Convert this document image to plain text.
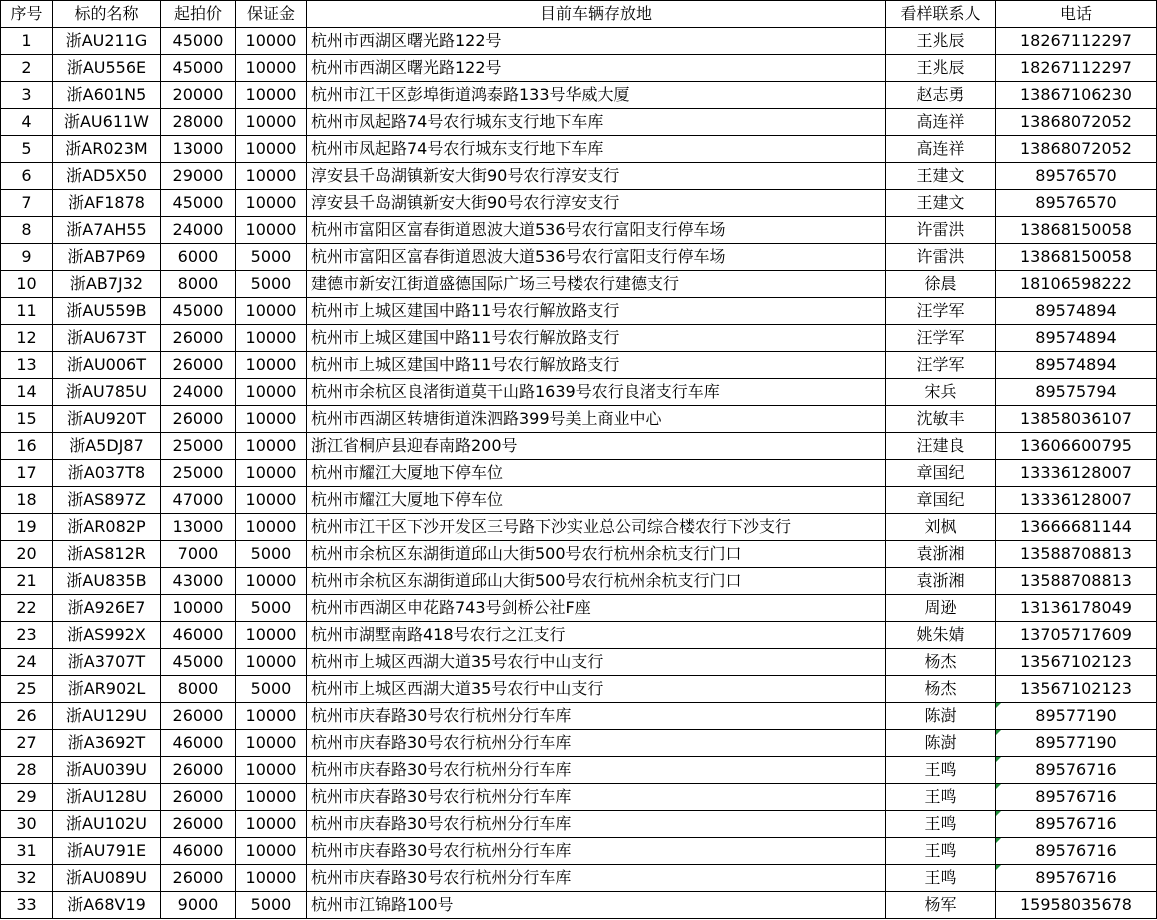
序号	标的名称	起拍价	保证金	目前车辆存放地	看样联系人	电话
1	浙AU211G	45000	10000	杭州市西湖区曙光路122号	王兆辰	18267112297
2	浙AU556E	45000	10000	杭州市西湖区曙光路122号	王兆辰	18267112297
3	浙A601N5	20000	10000	杭州市江干区彭埠街道鸿泰路133号华威大厦	赵志勇	13867106230
4	浙AU611W	28000	10000	杭州市凤起路74号农行城东支行地下车库	高连祥	13868072052
5	浙AR023M	13000	10000	杭州市凤起路74号农行城东支行地下车库	高连祥	13868072052
6	浙AD5X50	29000	10000	淳安县千岛湖镇新安大街90号农行淳安支行	王建文	89576570
7	浙AF1878	45000	10000	淳安县千岛湖镇新安大街90号农行淳安支行	王建文	89576570
8	浙A7AH55	24000	10000	杭州市富阳区富春街道恩波大道536号农行富阳支行停车场	许雷洪	13868150058
9	浙AB7P69	6000	5000	杭州市富阳区富春街道恩波大道536号农行富阳支行停车场	许雷洪	13868150058
10	浙AB7J32	8000	5000	建德市新安江街道盛德国际广场三号楼农行建德支行	徐晨	18106598222
11	浙AU559B	45000	10000	杭州市上城区建国中路11号农行解放路支行	汪学军	89574894
12	浙AU673T	26000	10000	杭州市上城区建国中路11号农行解放路支行	汪学军	89574894
13	浙AU006T	26000	10000	杭州市上城区建国中路11号农行解放路支行	汪学军	89574894
14	浙AU785U	24000	10000	杭州市余杭区良渚街道莫干山路1639号农行良渚支行车库	宋兵	89575794
15	浙AU920T	26000	10000	杭州市西湖区转塘街道洙泗路399号美上商业中心	沈敏丰	13858036107
16	浙A5DJ87	25000	10000	浙江省桐庐县迎春南路200号	汪建良	13606600795
17	浙A037T8	25000	10000	杭州市耀江大厦地下停车位	章国纪	13336128007
18	浙AS897Z	47000	10000	杭州市耀江大厦地下停车位	章国纪	13336128007
19	浙AR082P	13000	10000	杭州市江干区下沙开发区三号路下沙实业总公司综合楼农行下沙支行	刘枫	13666681144
20	浙AS812R	7000	5000	杭州市余杭区东湖街道邱山大街500号农行杭州余杭支行门口	袁浙湘	13588708813
21	浙AU835B	43000	10000	杭州市余杭区东湖街道邱山大街500号农行杭州余杭支行门口	袁浙湘	13588708813
22	浙A926E7	10000	5000	杭州市西湖区申花路743号剑桥公社F座	周逊	13136178049
23	浙AS992X	46000	10000	杭州市湖墅南路418号农行之江支行	姚朱婧	13705717609
24	浙A3707T	45000	10000	杭州市上城区西湖大道35号农行中山支行	杨杰	13567102123
25	浙AR902L	8000	5000	杭州市上城区西湖大道35号农行中山支行	杨杰	13567102123
26	浙AU129U	26000	10000	杭州市庆春路30号农行杭州分行车库	陈澍	89577190
27	浙A3692T	46000	10000	杭州市庆春路30号农行杭州分行车库	陈澍	89577190
28	浙AU039U	26000	10000	杭州市庆春路30号农行杭州分行车库	王鸣	89576716
29	浙AU128U	26000	10000	杭州市庆春路30号农行杭州分行车库	王鸣	89576716
30	浙AU102U	26000	10000	杭州市庆春路30号农行杭州分行车库	王鸣	89576716
31	浙AU791E	46000	10000	杭州市庆春路30号农行杭州分行车库	王鸣	89576716
32	浙AU089U	26000	10000	杭州市庆春路30号农行杭州分行车库	王鸣	89576716
33	浙A68V19	9000	5000	杭州市江锦路100号	杨军	15958035678
